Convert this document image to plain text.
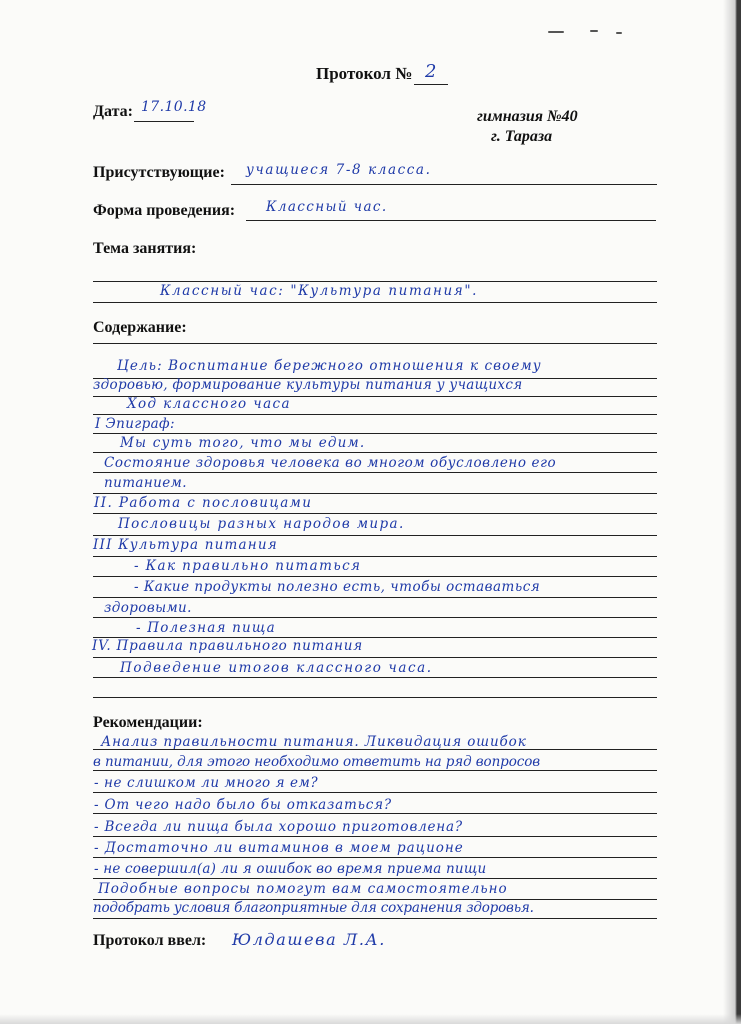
Протокол № 2
Дата: 17.10.18
гимназия №40
г. Тараза
Присутствующие: учащиеся 7-8 класса.
Форма проведения: Классный час.
Тема занятия:
Классный час: "Культура питания".
Содержание:
Цель: Воспитание бережного отношения к своему
здоровью, формирование культуры питания у учащихся
Ход классного часа
I Эпиграф:
Мы суть того, что мы едим.
Состояние здоровья человека во многом обусловлено его
питанием.
II. Работа с пословицами
Пословицы разных народов мира.
III Культура питания
- Как правильно питаться
- Какие продукты полезно есть, чтобы оставаться
здоровыми.
- Полезная пища
IV. Правила правильного питания
Подведение итогов классного часа.
Рекомендации:
Анализ правильности питания. Ликвидация ошибок
в питании, для этого необходимо ответить на ряд вопросов
- не слишком ли много я ем?
- От чего надо было бы отказаться?
- Всегда ли пища была хорошо приготовлена?
- Достаточно ли витаминов в моем рационе
- не совершил(а) ли я ошибок во время приема пищи
Подобные вопросы помогут вам самостоятельно
подобрать условия благоприятные для сохранения здоровья.
Протокол ввел: Юлдашева Л.А.
